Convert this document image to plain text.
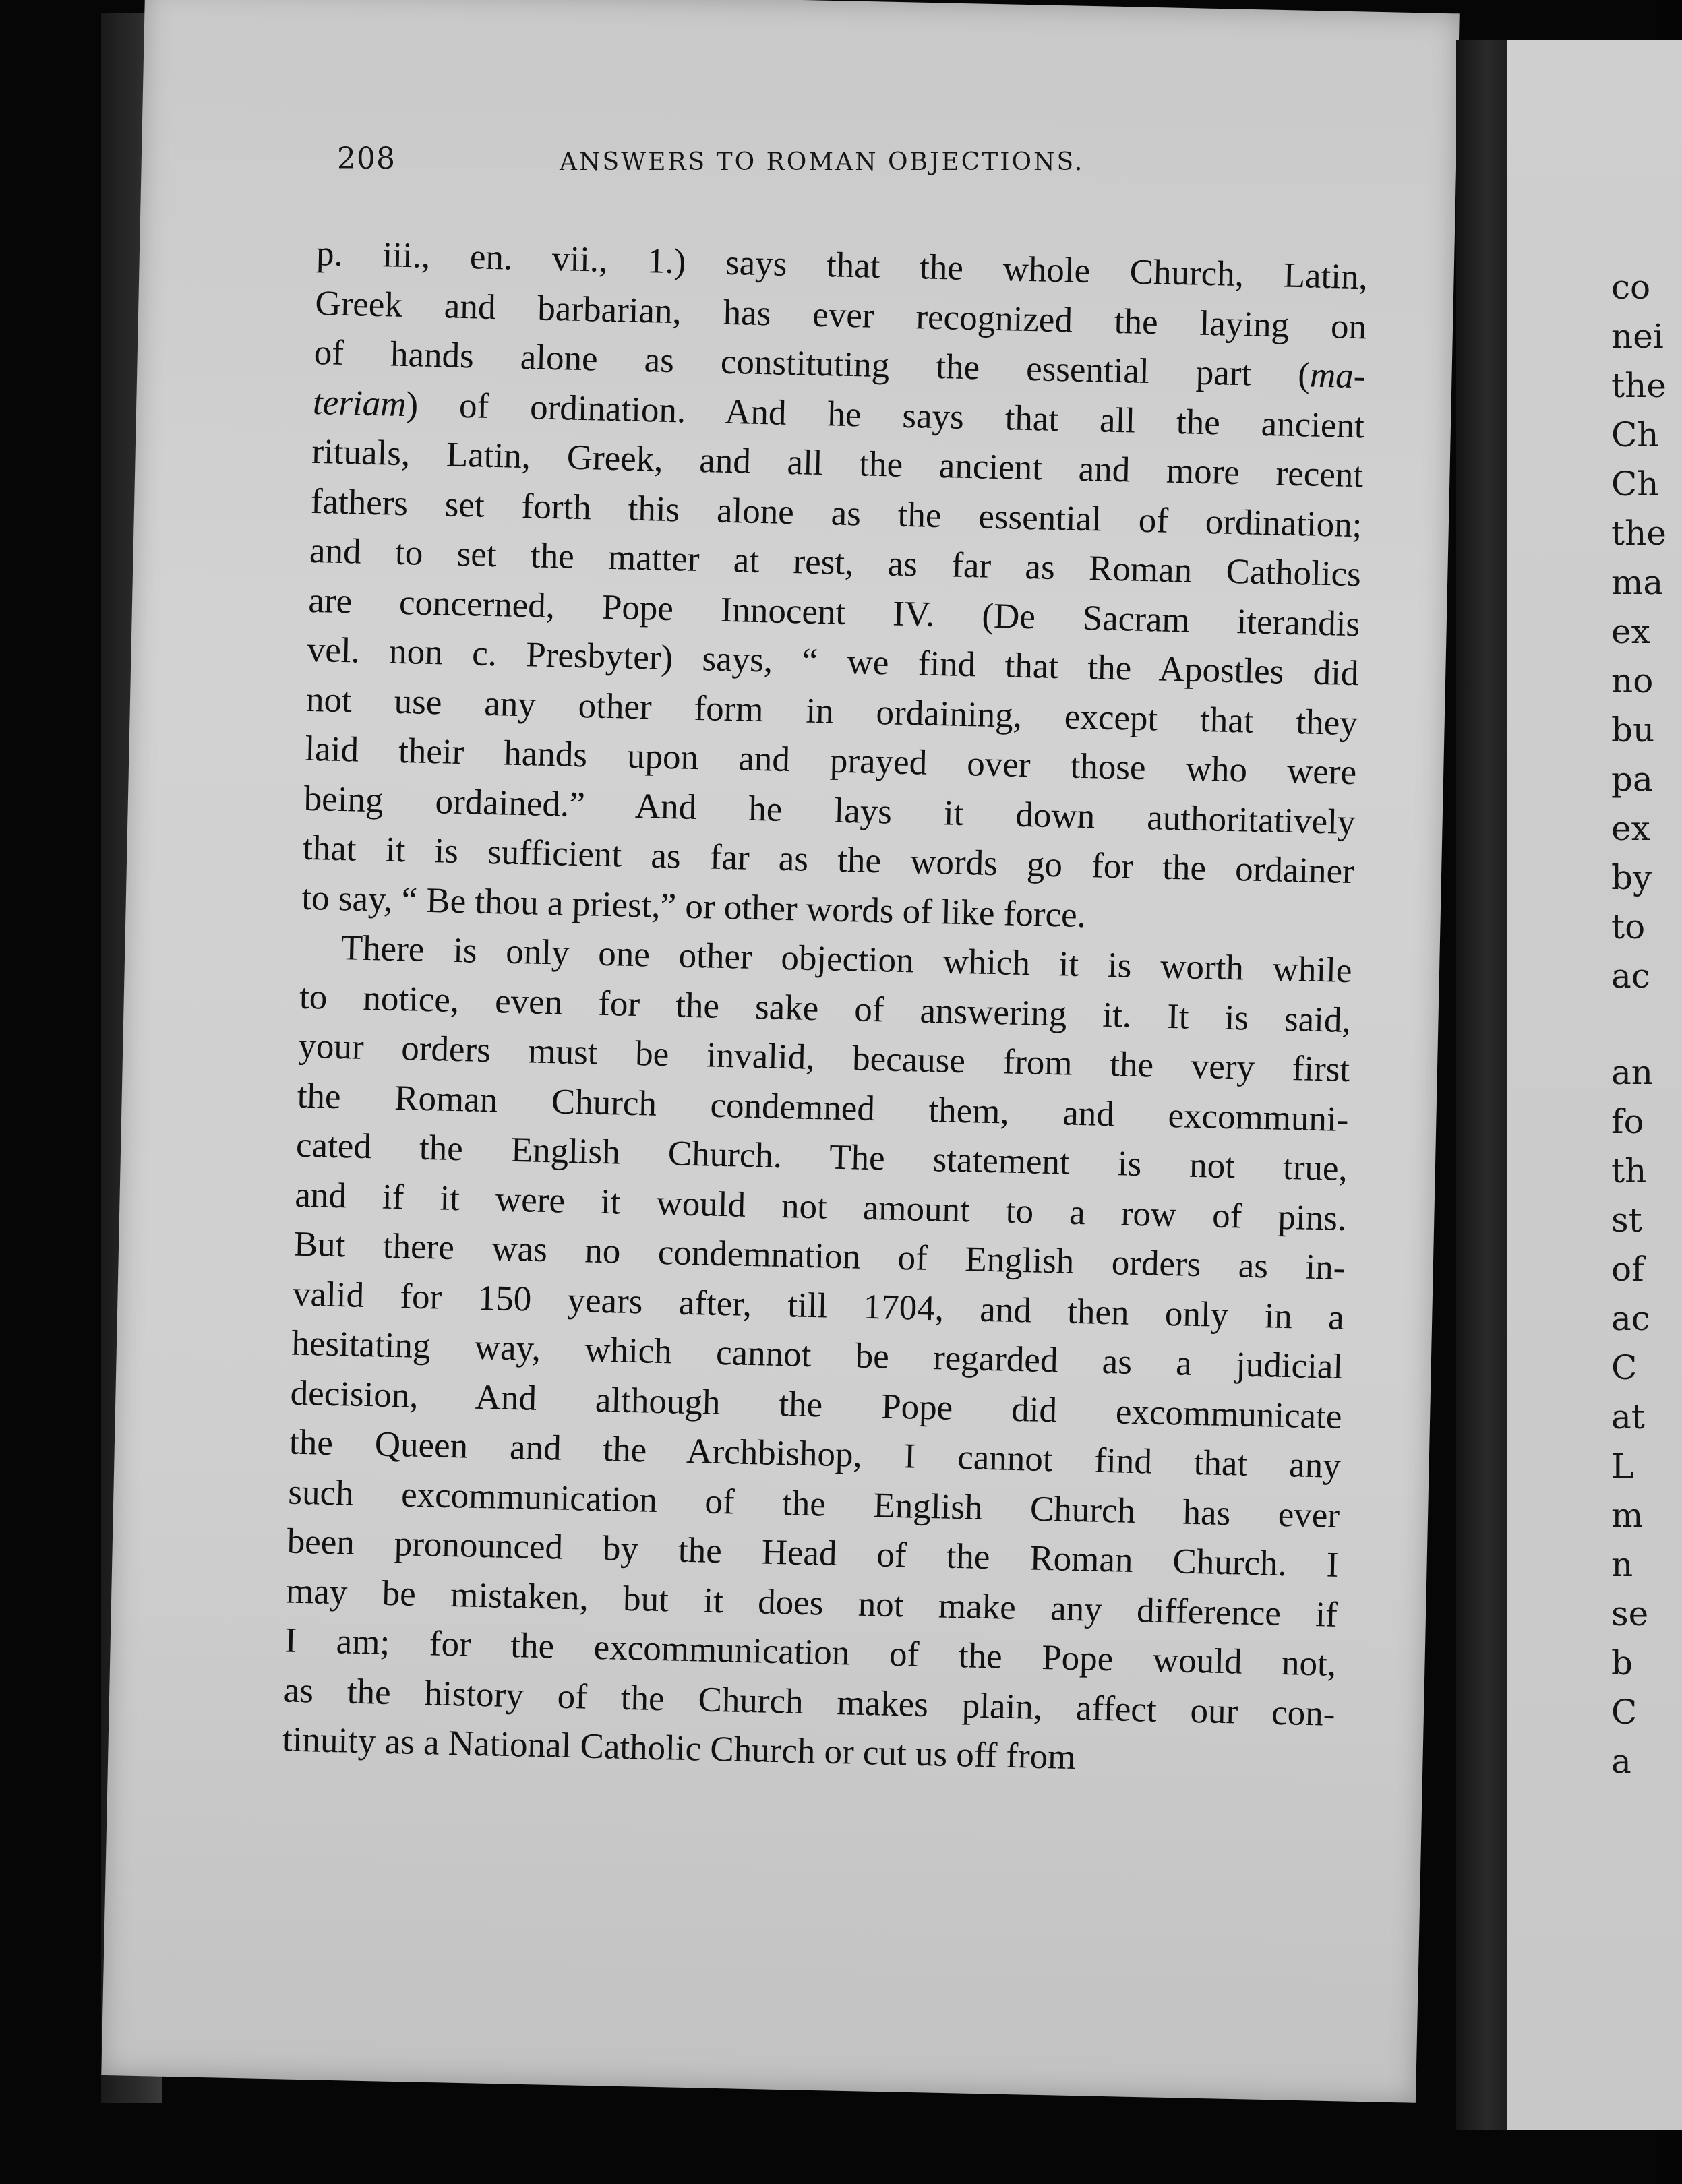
208	ANSWERS TO ROMAN OBJECTIONS.
p. iii., en. vii., 1.) says that the whole Church, Latin,
Greek and barbarian, has ever recognized the laying on
of hands alone as constituting the essential part (ma-
teriam) of ordination. And he says that all the ancient
rituals, Latin, Greek, and all the ancient and more recent
fathers set forth this alone as the essential of ordination;
and to set the matter at rest, as far as Roman Catholics
are concerned, Pope Innocent IV. (De Sacram iterandis
vel. non c. Presbyter) says, “ we find that the Apostles did
not use any other form in ordaining, except that they
laid their hands upon and prayed over those who were
being ordained.” And he lays it down authoritatively
that it is sufficient as far as the words go for the ordainer
to say, “ Be thou a priest,” or other words of like force.
There is only one other objection which it is worth while
to notice, even for the sake of answering it. It is said,
your orders must be invalid, because from the very first
the Roman Church condemned them, and excommuni-
cated the English Church. The statement is not true,
and if it were it would not amount to a row of pins.
But there was no condemnation of English orders as in-
valid for 150 years after, till 1704, and then only in a
hesitating way, which cannot be regarded as a judicial
decision, And although the Pope did excommunicate
the Queen and the Archbishop, I cannot find that any
such excommunication of the English Church has ever
been pronounced by the Head of the Roman Church. I
may be mistaken, but it does not make any difference if
I am; for the excommunication of the Pope would not,
as the history of the Church makes plain, affect our con-
tinuity as a National Catholic Church or cut us off from
co
nei
the
Ch
Ch
the
ma
ex
no
bu
pa
ex
by
to
ac
an
fo
th
st
of
ac
C
at
L
m
n
se
b
C
a
